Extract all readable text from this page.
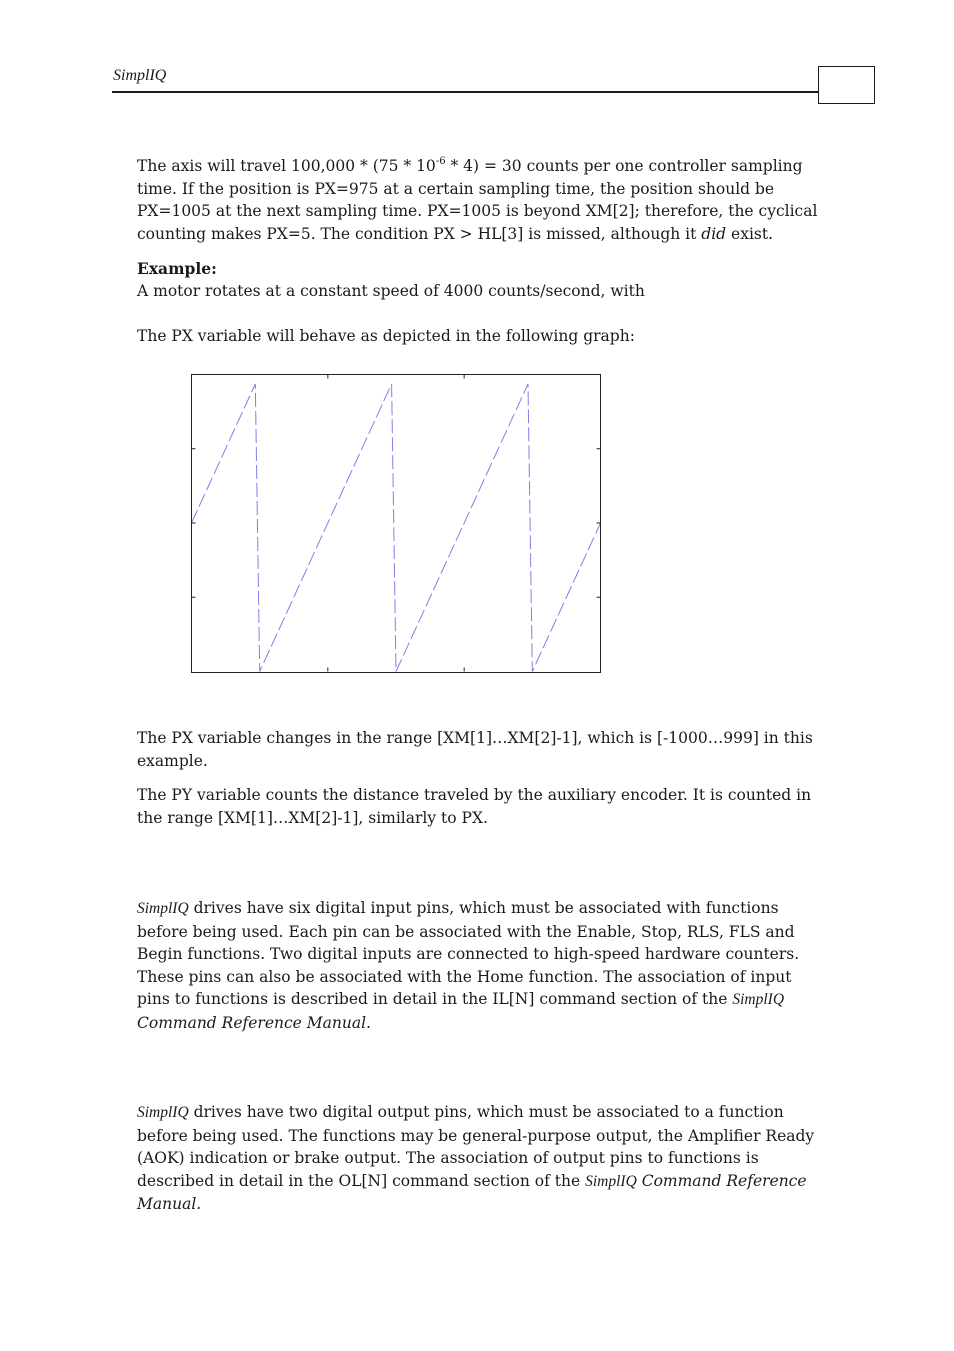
SimplIQ

The axis will travel $100,000 * (75 * 10^{-6} * 4) = 30$ counts per one controller sampling time. If the position is PX=975 at a certain sampling time, the position should be PX=1005 at the next sampling time. PX=1005 is beyond XM[2]; therefore, the cyclical counting makes PX=5. The condition PX > HL[3] is missed, although it did exist.

Example:

A motor rotates at a constant speed of 4000 counts/second, with

The PX variable will behave as depicted in the following graph:

The PX variable changes in the range [XM[1]…XM[2]-1], which is [-1000…999] in this example.

The PY variable counts the distance traveled by the auxiliary encoder. It is counted in the range [XM[1]…XM[2]-1], similarly to PX.

SimplIQ drives have six digital input pins, which must be associated with functions before being used. Each pin can be associated with the Enable, Stop, RLS, FLS and Begin functions. Two digital inputs are connected to high-speed hardware counters. These pins can also be associated with the Home function. The association of input pins to functions is described in detail in the IL[N] command section of the SimplIQ Command Reference Manual.

SimplIQ drives have two digital output pins, which must be associated to a function before being used. The functions may be general-purpose output, the Amplifier Ready (AOK) indication or brake output. The association of output pins to functions is described in detail in the OL[N] command section of the SimplIQ Command Reference Manual.
